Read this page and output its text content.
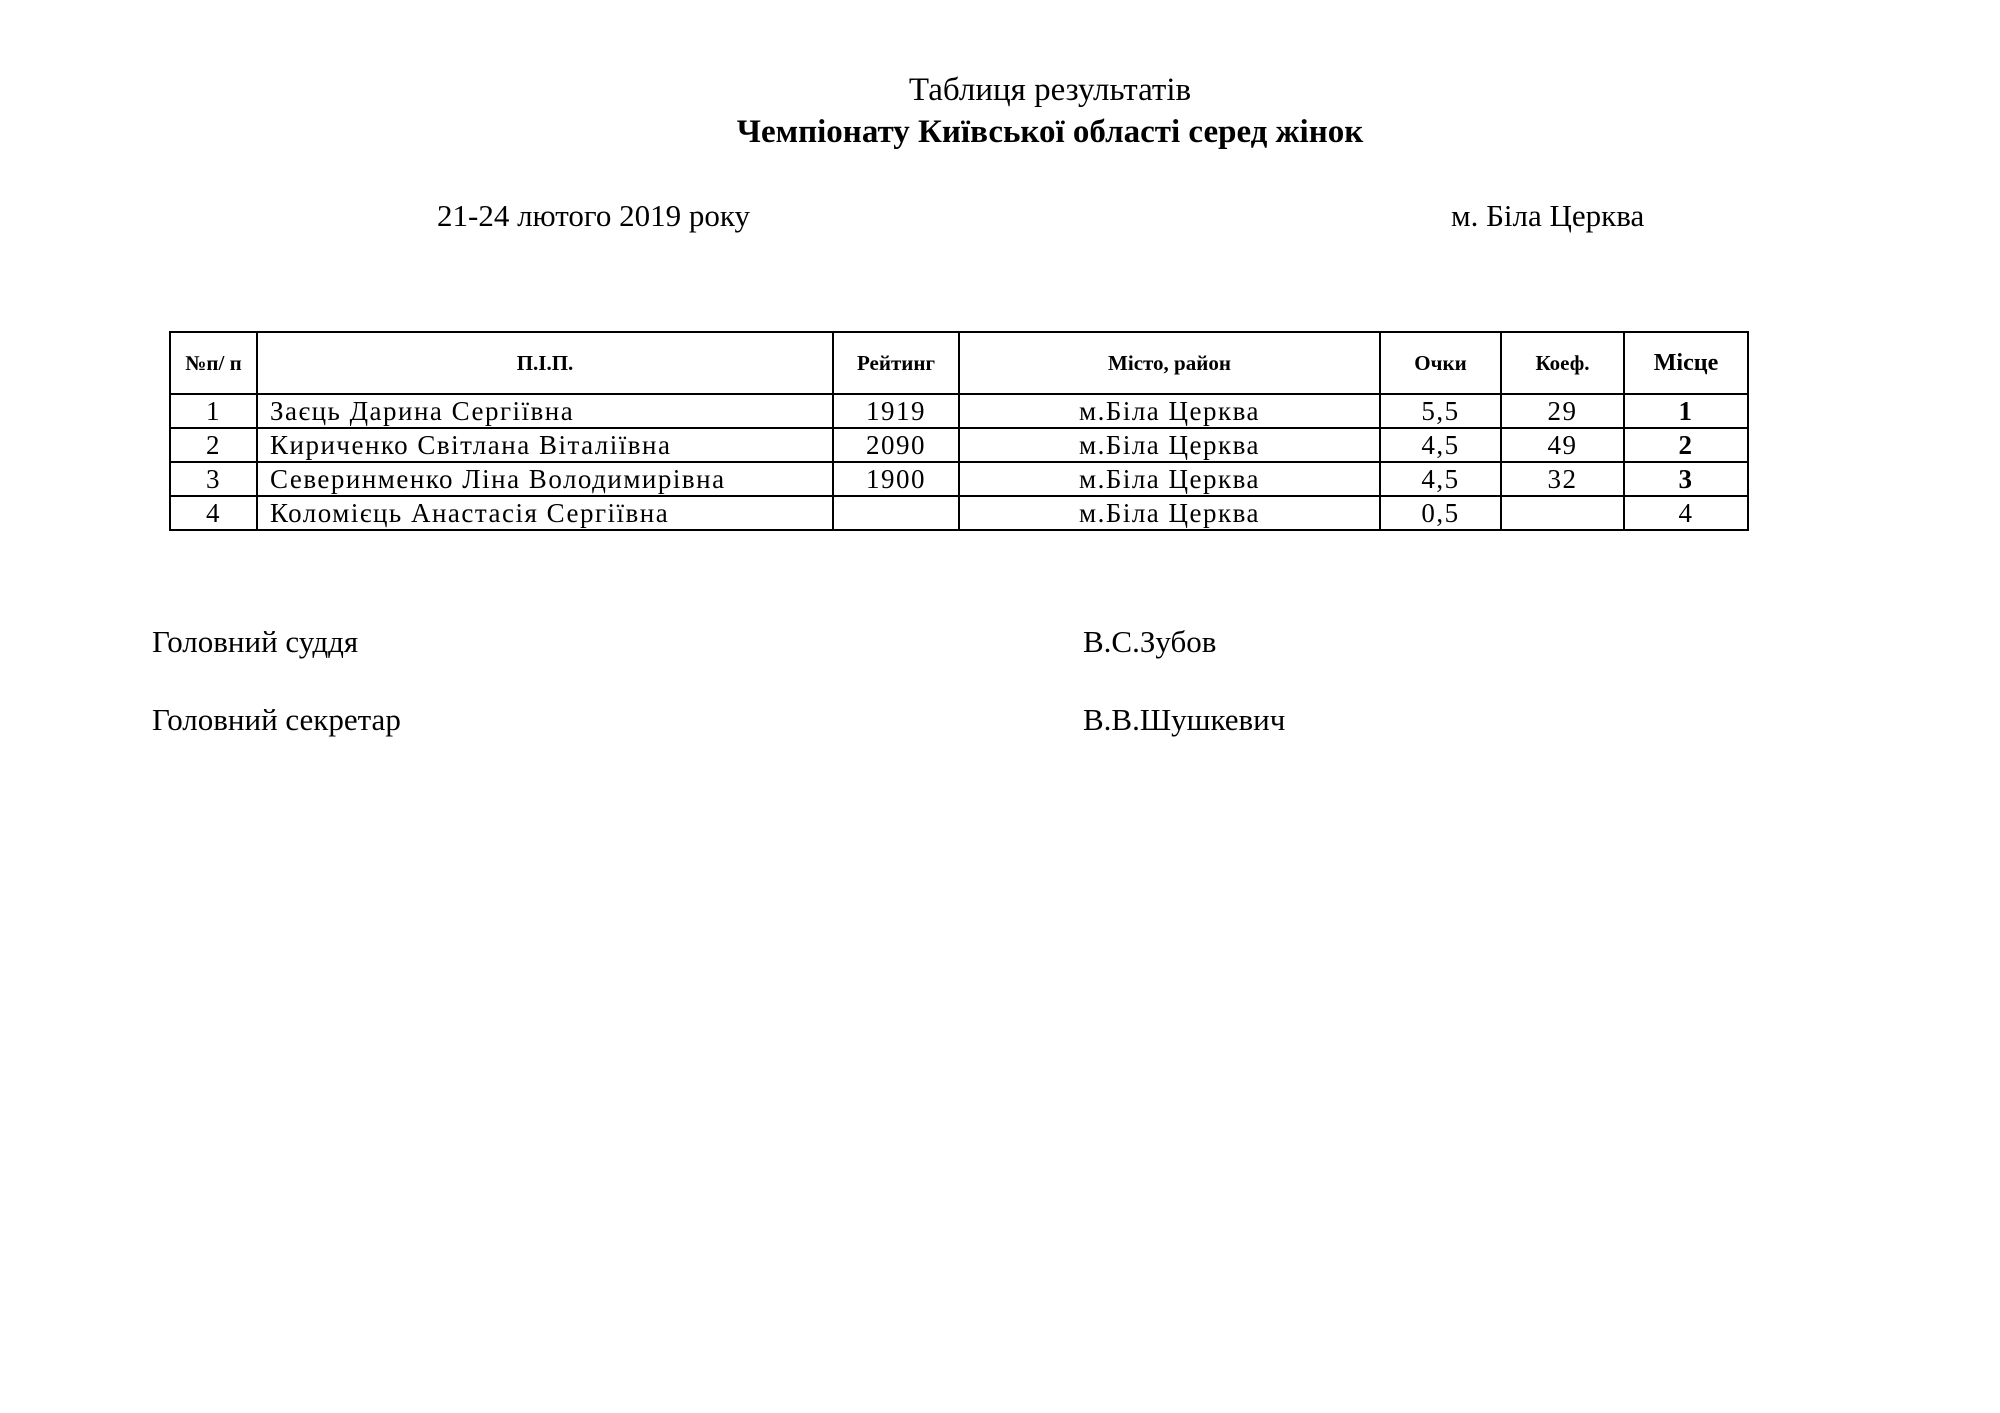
Таблиця результатів
Чемпіонату Київської області серед жінок
21-24 лютого 2019 року	м. Біла Церква
№п/ п	П.І.П.	Рейтинг	Місто, район	Очки	Коеф.	Місце
1	Заєць Дарина Сергіївна	1919	м.Біла Церква	5,5	29	1
2	Кириченко Світлана Віталіївна	2090	м.Біла Церква	4,5	49	2
3	Северинменко Ліна Володимирівна	1900	м.Біла Церква	4,5	32	3
4	Коломієць Анастасія Сергіївна		м.Біла Церква	0,5		4
Головний суддя	В.С.Зубов
Головний секретар	В.В.Шушкевич
